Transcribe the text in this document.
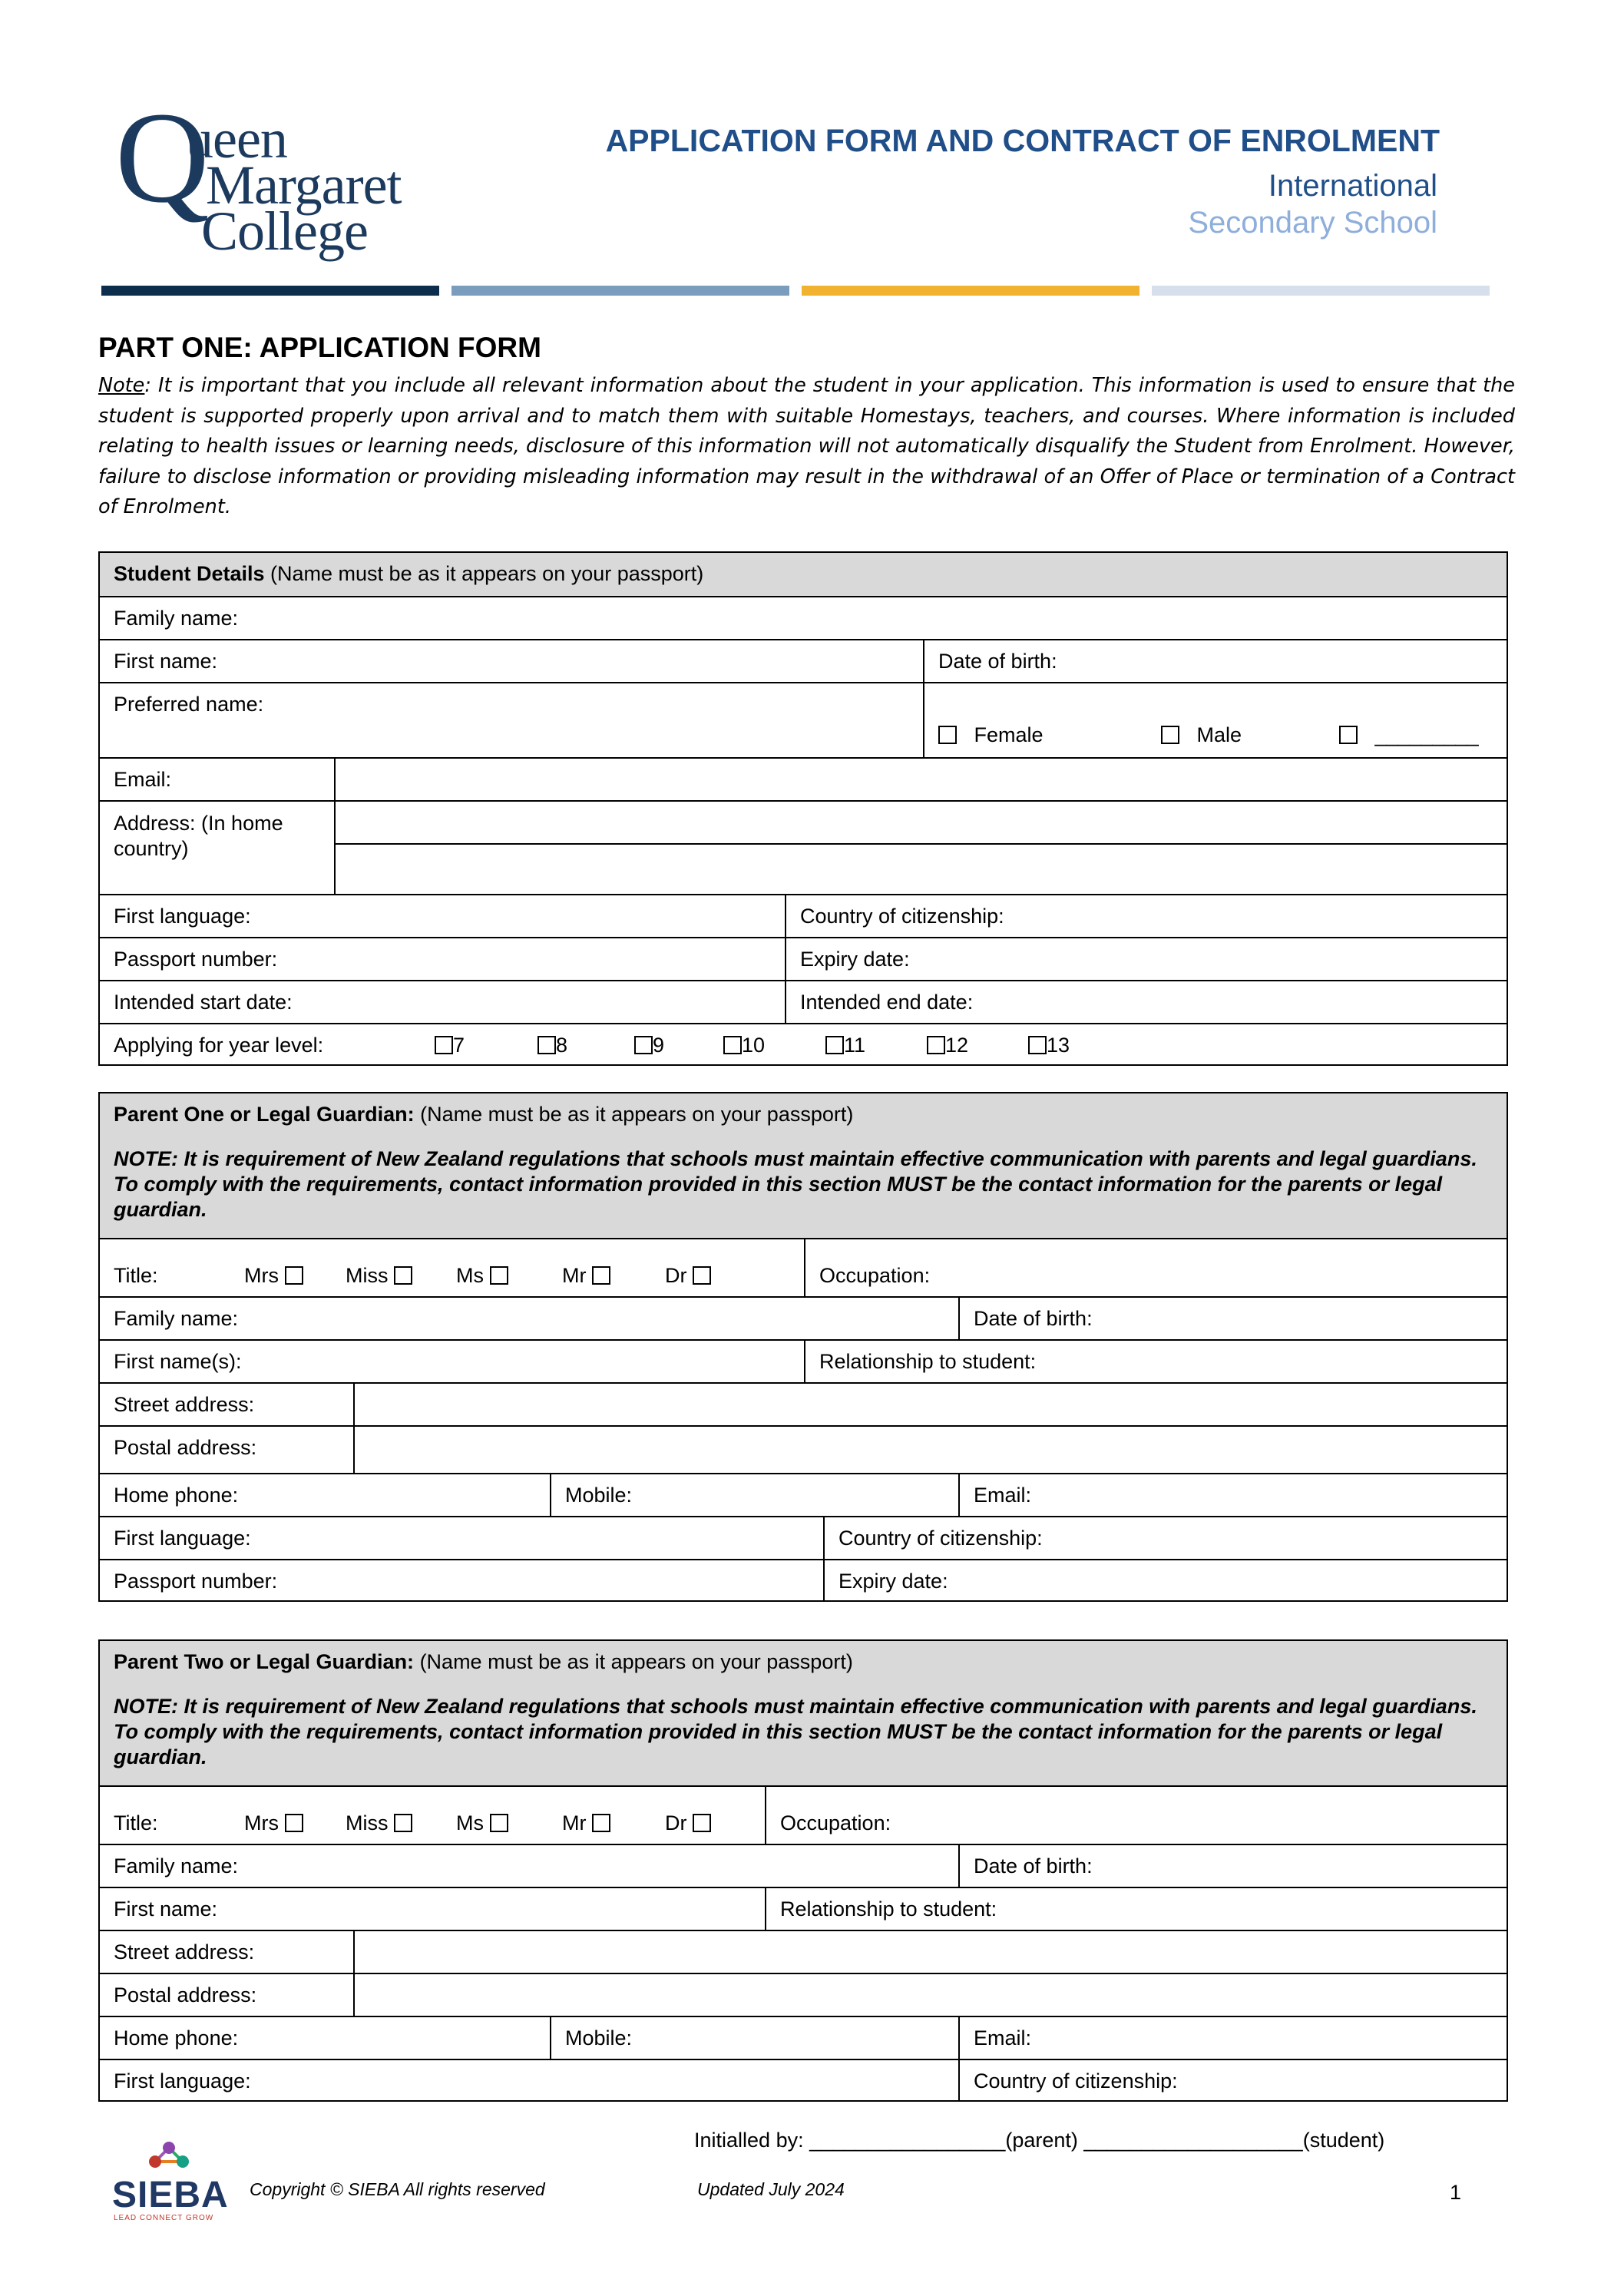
Q
ueen
Margaret
College
APPLICATION FORM AND CONTRACT OF ENROLMENT
International
Secondary School
PART ONE: APPLICATION FORM
Note: It is important that you include all relevant information about the student in your application. This information is used to ensure that the student is supported properly upon arrival and to match them with suitable Homestays, teachers, and courses. Where information is included relating to health issues or learning needs, disclosure of this information will not automatically disqualify the Student from Enrolment. However, failure to disclose information or providing misleading information may result in the withdrawal of an Offer of Place or termination of a Contract of Enrolment.
Student Details (Name must be as it appears on your passport)
Family name:
First name:	Date of birth:
Preferred name:
Female	Male	_________
Email:
Address: (In home country)
First language:	Country of citizenship:
Passport number:	Expiry date:
Intended start date:	Intended end date:
Applying for year level:	7	8	9	10	11	12	13
Parent One or Legal Guardian: (Name must be as it appears on your passport)
NOTE: It is requirement of New Zealand regulations that schools must maintain effective communication with parents and legal guardians. To comply with the requirements, contact information provided in this section MUST be the contact information for the parents or legal guardian.
Title:	Mrs	Miss	Ms	Mr	Dr	Occupation:
Family name:	Date of birth:
First name(s):	Relationship to student:
Street address:
Postal address:
Home phone:	Mobile:	Email:
First language:	Country of citizenship:
Passport number:	Expiry date:
Parent Two or Legal Guardian: (Name must be as it appears on your passport)
NOTE: It is requirement of New Zealand regulations that schools must maintain effective communication with parents and legal guardians. To comply with the requirements, contact information provided in this section MUST be the contact information for the parents or legal guardian.
Title:	Mrs	Miss	Ms	Mr	Dr	Occupation:
Family name:	Date of birth:
First name:	Relationship to student:
Street address:
Postal address:
Home phone:	Mobile:	Email:
First language:	Country of citizenship:
Initialled by: _________________(parent) ___________________(student)
SIEBA
LEAD CONNECT GROW
Copyright © SIEBA All rights reserved	Updated July 2024	1
